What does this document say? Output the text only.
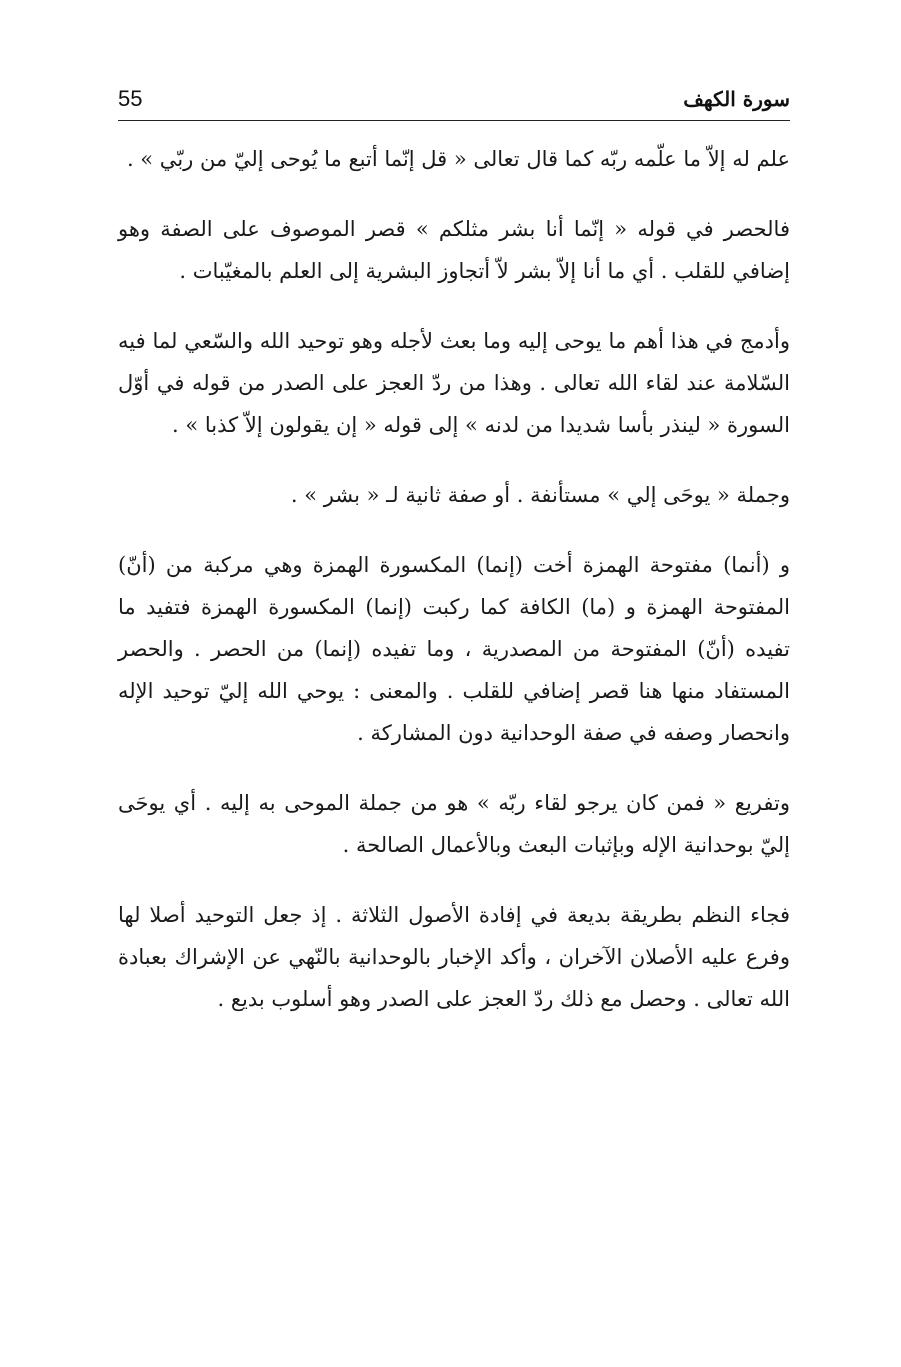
55	سورة الكهف

علم له إلاّ ما علّمه ربّه كما قال تعالى « قل إنّما أتبع ما يُوحى إليّ من ربّي » .

فالحصر في قوله « إنّما أنا بشر مثلكم » قصر الموصوف على الصفة وهو إضافي للقلب . أي ما أنا إلاّ بشر لاّ أتجاوز البشرية إلى العلم بالمغيّبات .

وأدمج في هذا أهم ما يوحى إليه وما بعث لأجله وهو توحيد الله والسّعي لما فيه السّلامة عند لقاء الله تعالى . وهذا من ردّ العجز على الصدر من قوله في أوّل السورة « لينذر بأسا شديدا من لدنه » إلى قوله « إن يقولون إلاّ كذبا » .

وجملة « يوحَى إلي » مستأنفة . أو صفة ثانية لـ « بشر » .

و (أنما) مفتوحة الهمزة أخت (إنما) المكسورة الهمزة وهي مركبة من (أنّ) المفتوحة الهمزة و (ما) الكافة كما ركبت (إنما) المكسورة الهمزة فتفيد ما تفيده (أنّ) المفتوحة من المصدرية ، وما تفيده (إنما) من الحصر . والحصر المستفاد منها هنا قصر إضافي للقلب . والمعنى : يوحي الله إليّ توحيد الإله وانحصار وصفه في صفة الوحدانية دون المشاركة .

وتفريع « فمن كان يرجو لقاء ربّه » هو من جملة الموحى به إليه . أي يوحَى إليّ بوحدانية الإله وبإثبات البعث وبالأعمال الصالحة .

فجاء النظم بطريقة بديعة في إفادة الأصول الثلاثة . إذ جعل التوحيد أصلا لها وفرع عليه الأصلان الآخران ، وأكد الإخبار بالوحدانية بالنّهي عن الإشراك بعبادة الله تعالى . وحصل مع ذلك ردّ العجز على الصدر وهو أسلوب بديع .
